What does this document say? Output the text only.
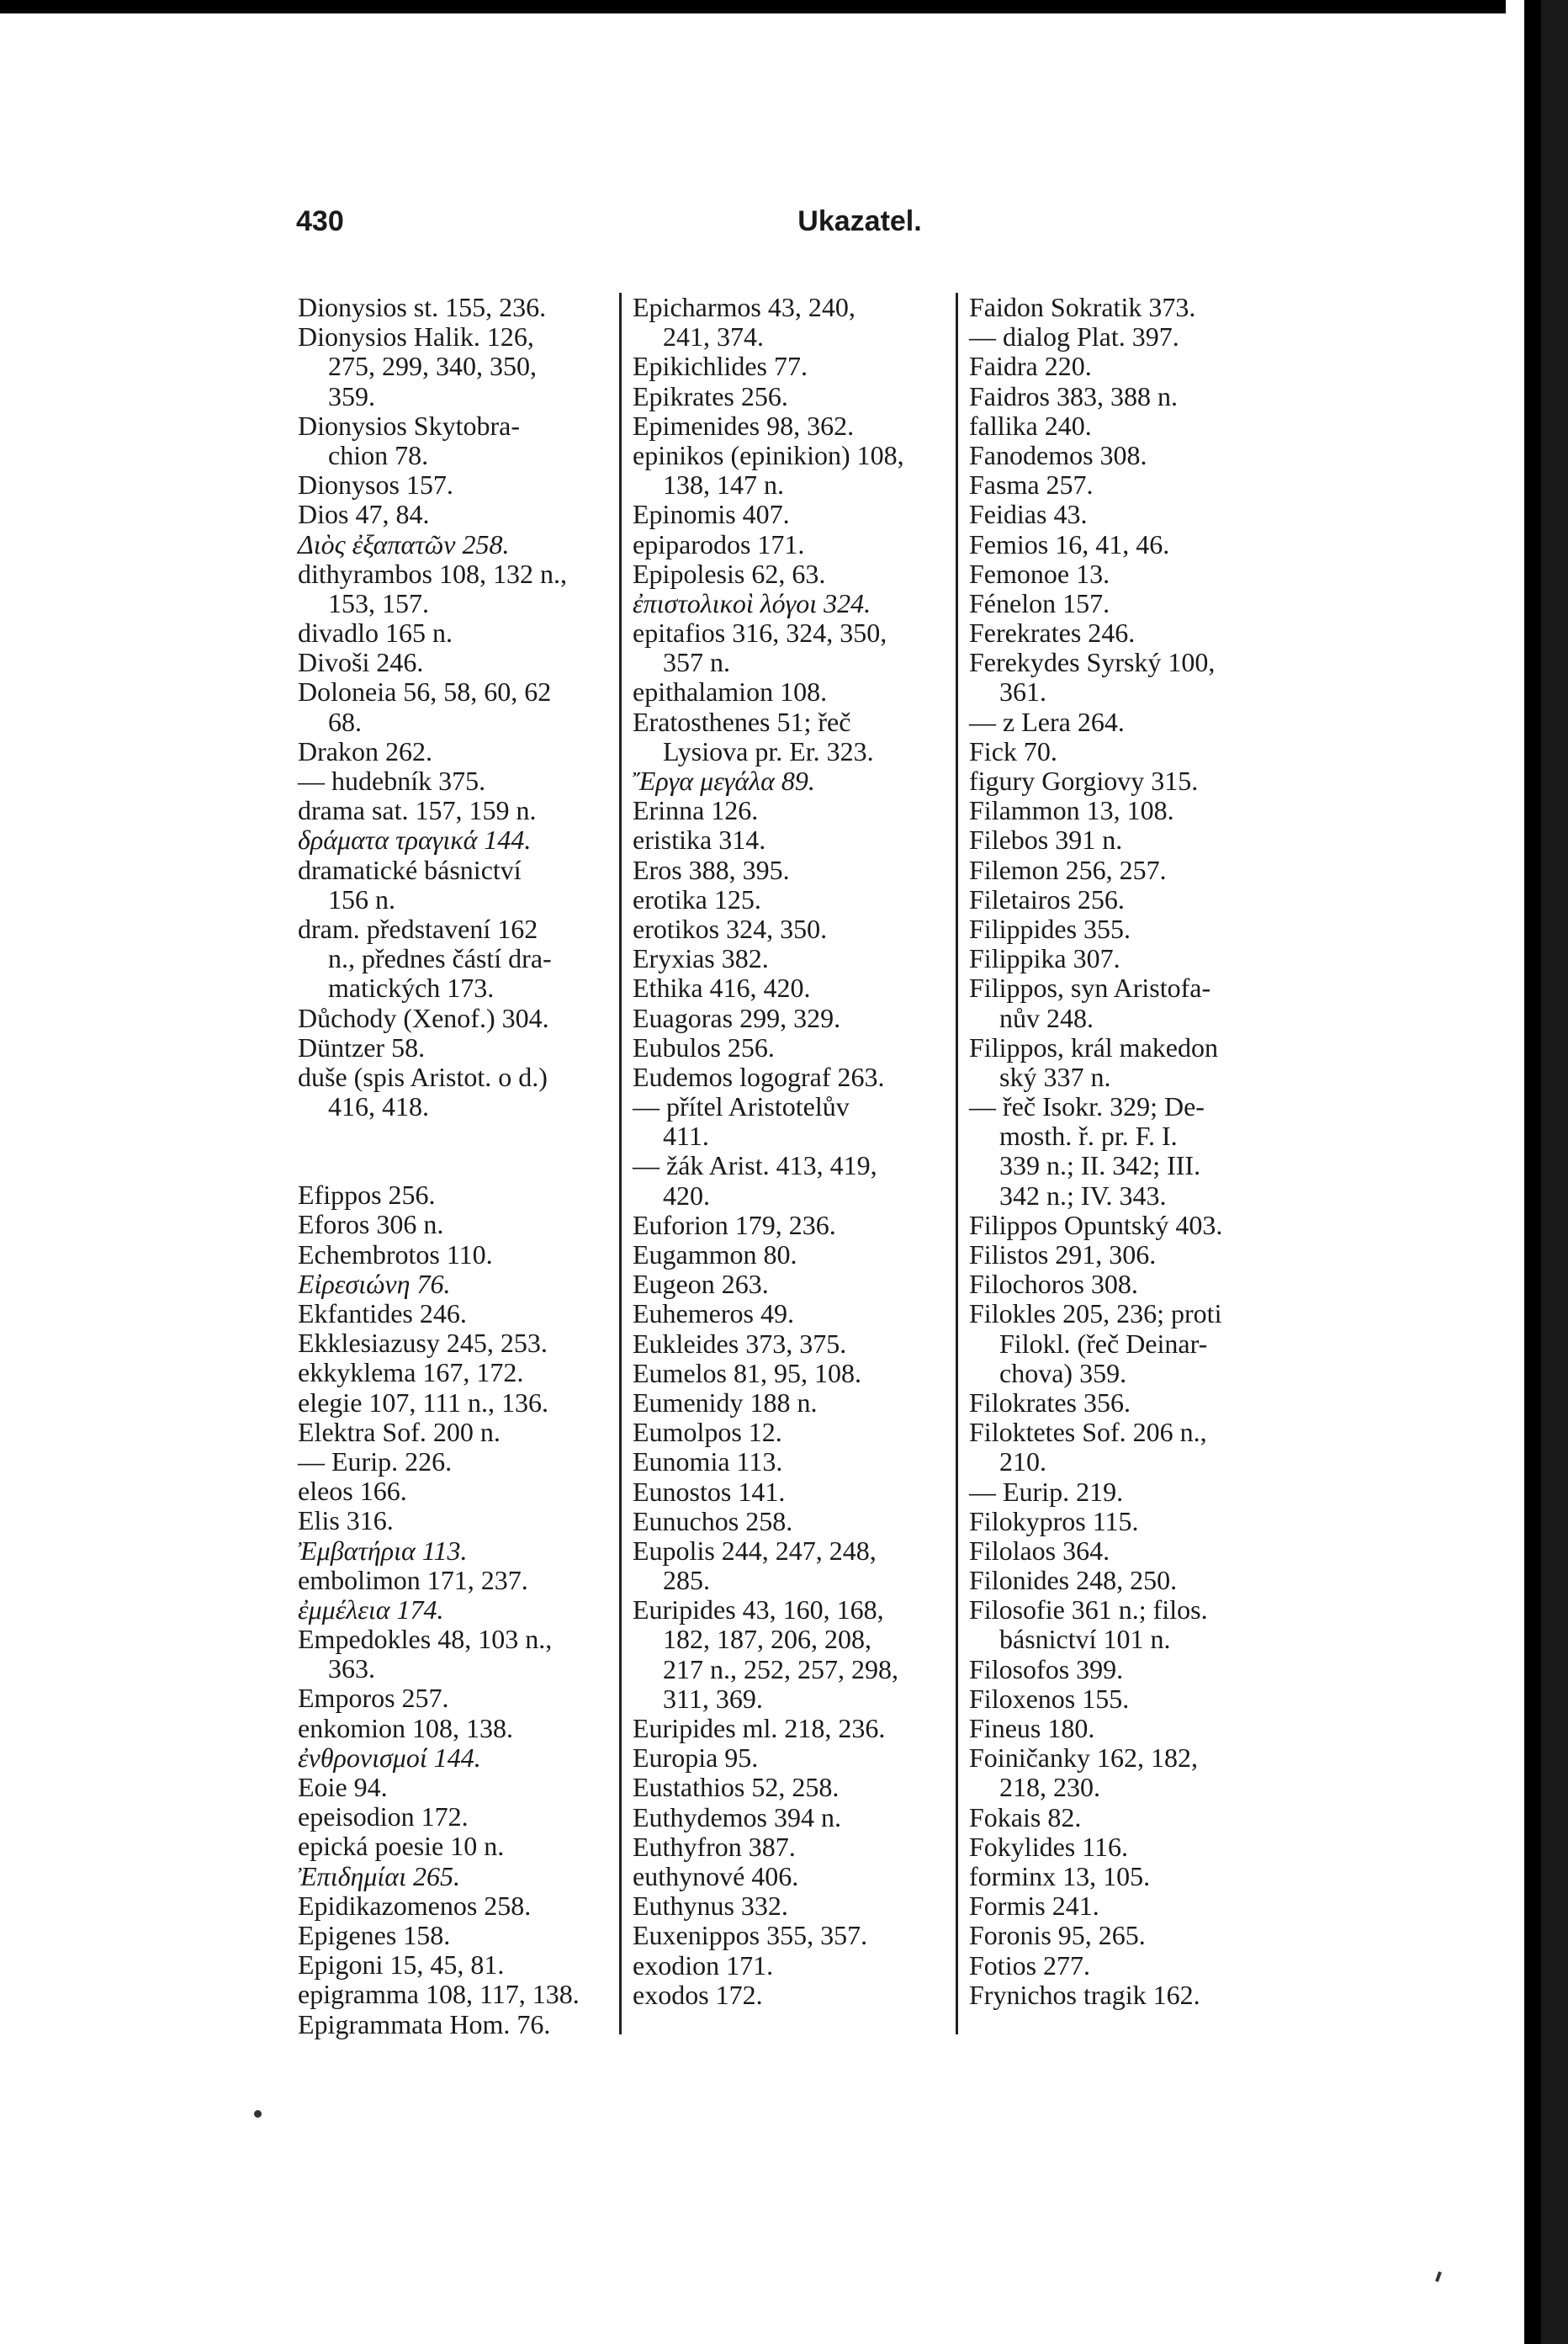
430	Ukazatel.
Dionysios st. 155, 236.
Dionysios Halik. 126,
275, 299, 340, 350,
359.
Dionysios Skytobra-
chion 78.
Dionysos 157.
Dios 47, 84.
Διὸς ἐξαπατῶν 258.
dithyrambos 108, 132 n.,
153, 157.
divadlo 165 n.
Divoši 246.
Doloneia 56, 58, 60, 62
68.
Drakon 262.
— hudebník 375.
drama sat. 157, 159 n.
δράματα τραγικά 144.
dramatické básnictví
156 n.
dram. představení 162
n., přednes částí dra-
matických 173.
Důchody (Xenof.) 304.
Düntzer 58.
duše (spis Aristot. o d.)
416, 418.
Efippos 256.
Eforos 306 n.
Echembrotos 110.
Εἰρεσιώνη 76.
Ekfantides 246.
Ekklesiazusy 245, 253.
ekkyklema 167, 172.
elegie 107, 111 n., 136.
Elektra Sof. 200 n.
— Eurip. 226.
eleos 166.
Elis 316.
Ἐμβατήρια 113.
embolimon 171, 237.
ἐμμέλεια 174.
Empedokles 48, 103 n.,
363.
Emporos 257.
enkomion 108, 138.
ἐνθρονισμοί 144.
Eoie 94.
epeisodion 172.
epická poesie 10 n.
Ἐπιδημίαι 265.
Epidikazomenos 258.
Epigenes 158.
Epigoni 15, 45, 81.
epigramma 108, 117, 138.
Epigrammata Hom. 76.
Epicharmos 43, 240,
241, 374.
Epikichlides 77.
Epikrates 256.
Epimenides 98, 362.
epinikos (epinikion) 108,
138, 147 n.
Epinomis 407.
epiparodos 171.
Epipolesis 62, 63.
ἐπιστολικοὶ λόγοι 324.
epitafios 316, 324, 350,
357 n.
epithalamion 108.
Eratosthenes 51; řeč
Lysiova pr. Er. 323.
Ἔργα μεγάλα 89.
Erinna 126.
eristika 314.
Eros 388, 395.
erotika 125.
erotikos 324, 350.
Eryxias 382.
Ethika 416, 420.
Euagoras 299, 329.
Eubulos 256.
Eudemos logograf 263.
— přítel Aristotelův
411.
— žák Arist. 413, 419,
420.
Euforion 179, 236.
Eugammon 80.
Eugeon 263.
Euhemeros 49.
Eukleides 373, 375.
Eumelos 81, 95, 108.
Eumenidy 188 n.
Eumolpos 12.
Eunomia 113.
Eunostos 141.
Eunuchos 258.
Eupolis 244, 247, 248,
285.
Euripides 43, 160, 168,
182, 187, 206, 208,
217 n., 252, 257, 298,
311, 369.
Euripides ml. 218, 236.
Europia 95.
Eustathios 52, 258.
Euthydemos 394 n.
Euthyfron 387.
euthynové 406.
Euthynus 332.
Euxenippos 355, 357.
exodion 171.
exodos 172.
Faidon Sokratik 373.
— dialog Plat. 397.
Faidra 220.
Faidros 383, 388 n.
fallika 240.
Fanodemos 308.
Fasma 257.
Feidias 43.
Femios 16, 41, 46.
Femonoe 13.
Fénelon 157.
Ferekrates 246.
Ferekydes Syrský 100,
361.
— z Lera 264.
Fick 70.
figury Gorgiovy 315.
Filammon 13, 108.
Filebos 391 n.
Filemon 256, 257.
Filetairos 256.
Filippides 355.
Filippika 307.
Filippos, syn Aristofa-
nův 248.
Filippos, král makedon
ský 337 n.
— řeč Isokr. 329; De-
mosth. ř. pr. F. I.
339 n.; II. 342; III.
342 n.; IV. 343.
Filippos Opuntský 403.
Filistos 291, 306.
Filochoros 308.
Filokles 205, 236; proti
Filokl. (řeč Deinar-
chova) 359.
Filokrates 356.
Filoktetes Sof. 206 n.,
210.
— Eurip. 219.
Filokypros 115.
Filolaos 364.
Filonides 248, 250.
Filosofie 361 n.; filos.
básnictví 101 n.
Filosofos 399.
Filoxenos 155.
Fineus 180.
Foiničanky 162, 182,
218, 230.
Fokais 82.
Fokylides 116.
forminx 13, 105.
Formis 241.
Foronis 95, 265.
Fotios 277.
Frynichos tragik 162.
